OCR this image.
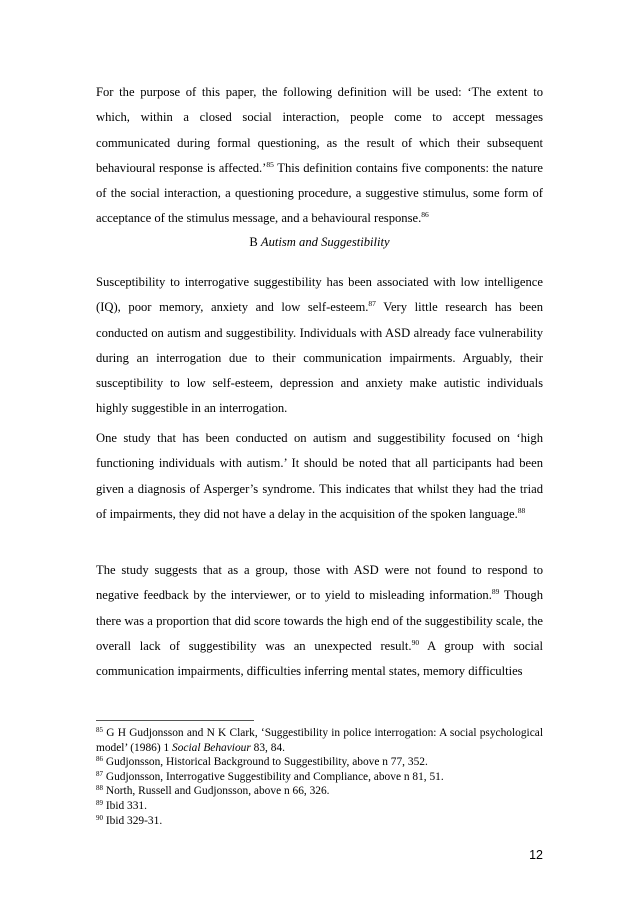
For the purpose of this paper, the following definition will be used: ‘The extent to which, within a closed social interaction, people come to accept messages communicated during formal questioning, as the result of which their subsequent behavioural response is affected.’$^{85}$ This definition contains five components: the nature of the social interaction, a questioning procedure, a suggestive stimulus, some form of acceptance of the stimulus message, and a behavioural response.$^{86}$

B Autism and Suggestibility

Susceptibility to interrogative suggestibility has been associated with low intelligence (IQ), poor memory, anxiety and low self-esteem.$^{87}$ Very little research has been conducted on autism and suggestibility. Individuals with ASD already face vulnerability during an interrogation due to their communication impairments. Arguably, their susceptibility to low self-esteem, depression and anxiety make autistic individuals highly suggestible in an interrogation.

One study that has been conducted on autism and suggestibility focused on ‘high functioning individuals with autism.’ It should be noted that all participants had been given a diagnosis of Asperger’s syndrome. This indicates that whilst they had the triad of impairments, they did not have a delay in the acquisition of the spoken language.$^{88}$

The study suggests that as a group, those with ASD were not found to respond to negative feedback by the interviewer, or to yield to misleading information.$^{89}$ Though there was a proportion that did score towards the high end of the suggestibility scale, the overall lack of suggestibility was an unexpected result.$^{90}$ A group with social communication impairments, difficulties inferring mental states, memory difficulties

$^{85}$ G H Gudjonsson and N K Clark, ‘Suggestibility in police interrogation: A social psychological model’ (1986) 1 Social Behaviour 83, 84.

$^{86}$ Gudjonsson, Historical Background to Suggestibility, above n 77, 352.

$^{87}$ Gudjonsson, Interrogative Suggestibility and Compliance, above n 81, 51.

$^{88}$ North, Russell and Gudjonsson, above n 66, 326.

$^{89}$ Ibid 331.

$^{90}$ Ibid 329-31.

12
